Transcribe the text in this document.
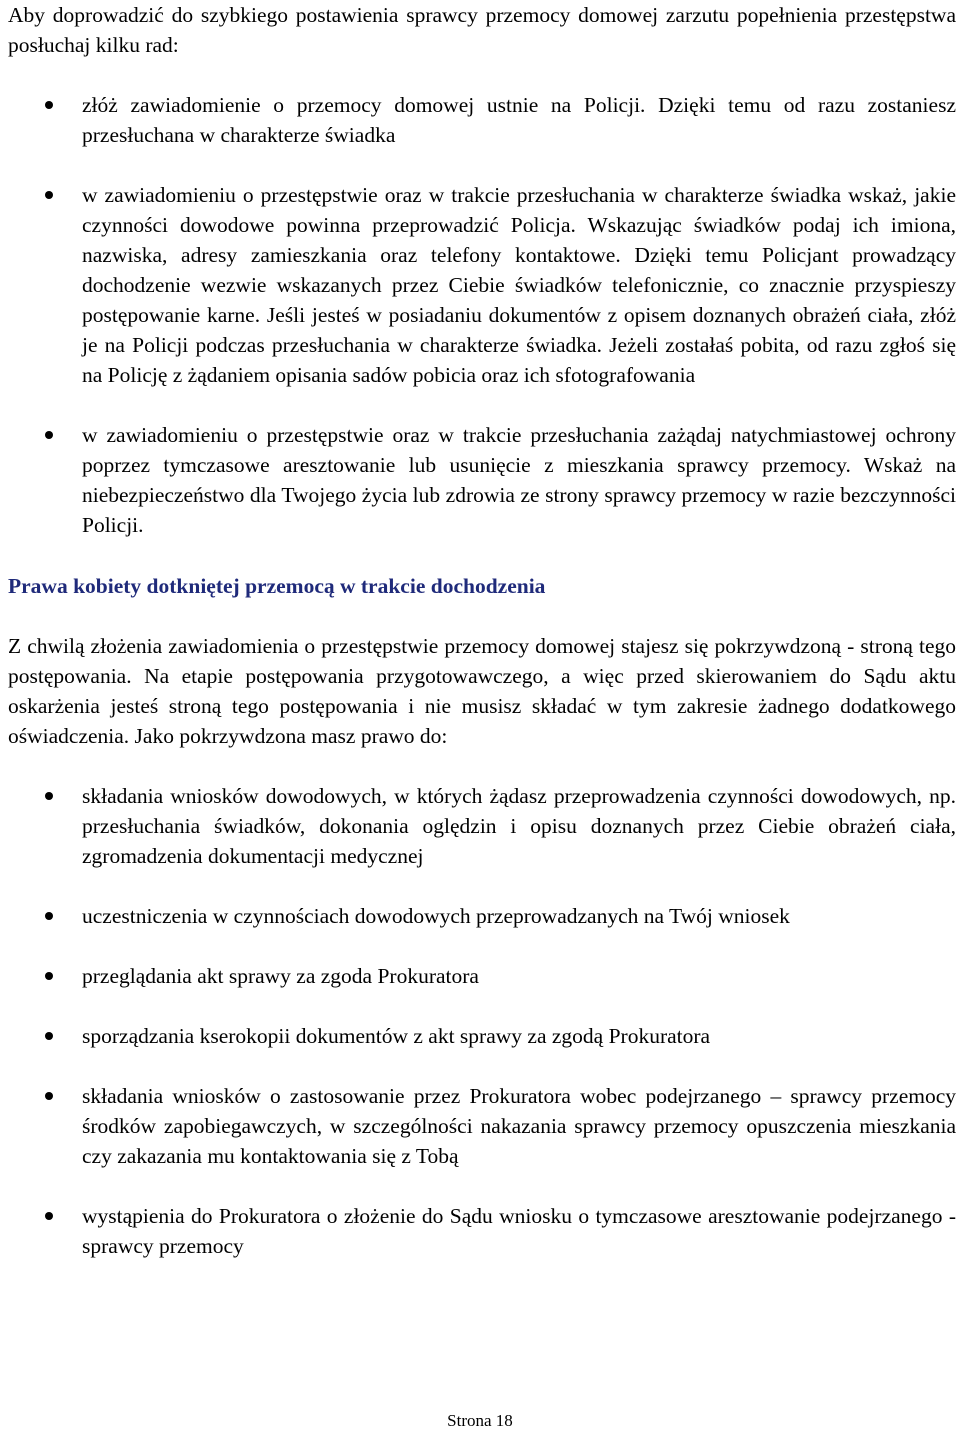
Aby doprowadzić do szybkiego postawienia sprawcy przemocy domowej zarzutu popełnienia przestępstwa posłuchaj kilku rad:

złóż zawiadomienie o przemocy domowej ustnie na Policji. Dzięki temu od razu zostaniesz przesłuchana w charakterze świadka
w zawiadomieniu o przestępstwie oraz w trakcie przesłuchania w charakterze świadka wskaż, jakie czynności dowodowe powinna przeprowadzić Policja. Wskazując świadków podaj ich imiona, nazwiska, adresy zamieszkania oraz telefony kontaktowe. Dzięki temu Policjant prowadzący dochodzenie wezwie wskazanych przez Ciebie świadków telefonicznie, co znacznie przyspieszy postępowanie karne. Jeśli jesteś w posiadaniu dokumentów z opisem doznanych obrażeń ciała, złóż je na Policji podczas przesłuchania w charakterze świadka. Jeżeli zostałaś pobita, od razu zgłoś się na Policję z żądaniem opisania sadów pobicia oraz ich sfotografowania
w zawiadomieniu o przestępstwie oraz w trakcie przesłuchania zażądaj natychmiastowej ochrony poprzez tymczasowe aresztowanie lub usunięcie z mieszkania sprawcy przemocy. Wskaż na niebezpieczeństwo dla Twojego życia lub zdrowia ze strony sprawcy przemocy w razie bezczynności Policji.

Prawa kobiety dotkniętej przemocą w trakcie dochodzenia

Z chwilą złożenia zawiadomienia o przestępstwie przemocy domowej stajesz się pokrzywdzoną - stroną tego postępowania. Na etapie postępowania przygotowawczego, a więc przed skierowaniem do Sądu aktu oskarżenia jesteś stroną tego postępowania i nie musisz składać w tym zakresie żadnego dodatkowego oświadczenia. Jako pokrzywdzona masz prawo do:

składania wniosków dowodowych, w których żądasz przeprowadzenia czynności dowodowych, np. przesłuchania świadków, dokonania oględzin i opisu doznanych przez Ciebie obrażeń ciała, zgromadzenia dokumentacji medycznej
uczestniczenia w czynnościach dowodowych przeprowadzanych na Twój wniosek
przeglądania akt sprawy za zgoda Prokuratora
sporządzania kserokopii dokumentów z akt sprawy za zgodą Prokuratora
składania wniosków o zastosowanie przez Prokuratora wobec podejrzanego – sprawcy przemocy środków zapobiegawczych, w szczególności nakazania sprawcy przemocy opuszczenia mieszkania czy zakazania mu kontaktowania się z Tobą
wystąpienia do Prokuratora o złożenie do Sądu wniosku o tymczasowe aresztowanie podejrzanego - sprawcy przemocy
Strona 18
